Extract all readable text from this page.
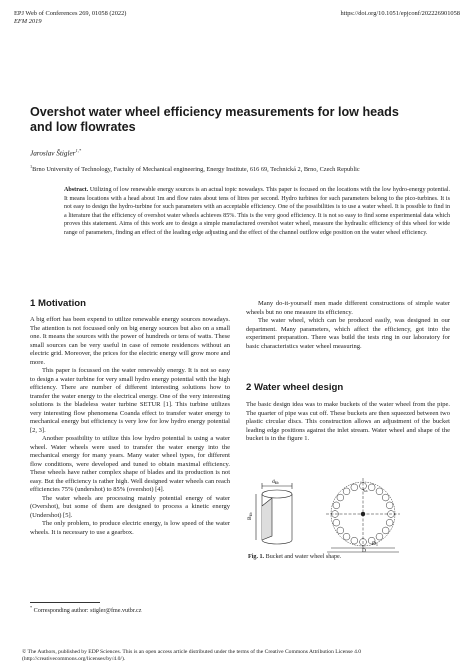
EPJ Web of Conferences 269, 01058 (2022)
EFM 2019
https://doi.org/10.1051/epjconf/202226901058
Overshot water wheel efficiency measurements for low heads
and low flowrates
Jaroslav Štigler$^{1,*}$
$^1$Brno University of Technology, Factulty of Mechanical engineering, Energy Institute, 616 69, Technická 2, Brno, Czech Republic
Abstract. Utilizing of low renewable energy sources is an actual topic nowadays. This paper is focused on the locations with the low hydro-energy potential. It means locations with a head about 1m and flow rates about tens of litres per second. Hydro turbines for such parameters belong to the pico-turbines. It is not easy to design the hydro-turbine for such parameters with an acceptable efficiency. One of the possibilities is to use a water wheel. It is possible to find in a literature that the efficiency of overshot water wheels achieves 85%. This is the very good efficiency. It is not so easy to find some experimental data which proves this statement. Aims of this work are to design a simple manufactured overshot water wheel, measure the hydraulic efficiency of this wheel for wide range of parameters, finding an effect of the leading edge adjusting and the effect of the channel outflow edge position on the water wheel efficiency.
1 Motivation

A big effort has been expend to utilize renewable energy sources nowadays. The attention is not focussed only on big energy sources but also on a small one. It means the sources with the power of hundreds or tens of watts. These small sources can be very useful in case of remote residences without an electric grid. Moreover, the prices for the electric energy will grow more and more.

This paper is focussed on the water renewably energy. It is not so easy to design a water turbine for very small hydro energy potential with the high efficiency. There are number of different interesting solutions how to transfer the water energy to the electrical energy. One of the very interesting solutions is the bladeless water turbine SETUR [1]. This turbine utilizes very interesting flow phenomena Coanda effect to transfer water energy to mechanical energy but efficiency is very low for low hydro energy potential [2, 3].

Another possibility to utilize this low hydro potential is using a water wheel. Water wheels were used to transfer the water energy into the mechanical energy for many years. Many water wheel types, for different flow conditions, were developed and tuned to obtain maximal efficiency. These wheels have rather complex shape of blades and its production is not easy. But the efficiency is rather high. Well designed water wheels can reach efficiencies 75% (undershot) to 85% (overshot) [4].

The water wheels are processing mainly potential energy of water (Overshot), but some of them are designed to process a kinetic energy (Undershot) [5].

The only problem, to produce electric energy, is low speed of the water wheels. It is necessary to use a gearbox.

Many do-it-yourself men made different constructions of simple water wheels but no one measure its efficiency.

The water wheel, which can be produced easily, was designed in our department. Many parameters, which affect the efficiency, got into the experiment preparation. There was build the tests ring in our laboratory for basic characteristics water wheel measuring.

2 Water wheel design

The basic design idea was to make buckets of the water wheel from the pipe. The quarter of pipe was cut off. These buckets are then squeezed between two plastic circular discs. This construction allows an adjustment of the bucket leading edge positions against the inlet stream. Water wheel and shape of the bucket is in the figure 1.

dkb
Bkb
D1
$t_{kb}$
D
Fig. 1. Bucket and water wheel shape.
* Corresponding author: stigler@fme.vutbr.cz
© The Authors, published by EDP Sciences. This is an open access article distributed under the terms of the Creative Commons Attribution License 4.0
(http://creativecommons.org/licenses/by/4.0/).
